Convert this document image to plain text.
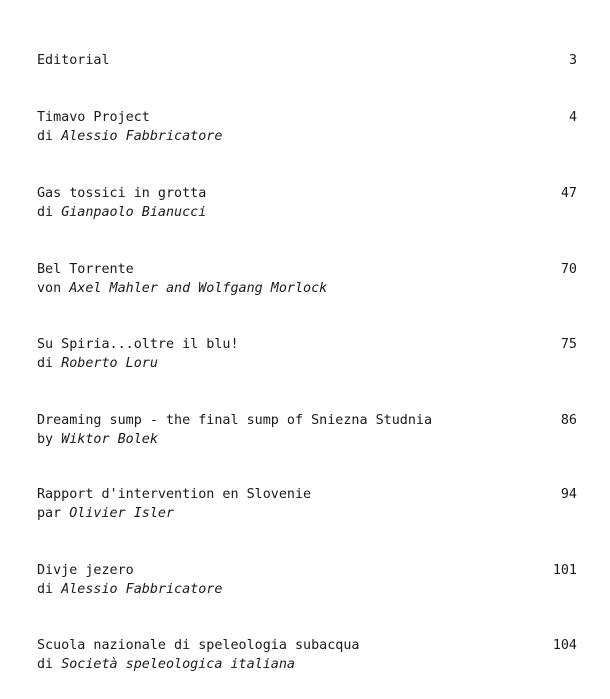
Editorial	3
Timavo Project
di Alessio Fabbricatore
4
Gas tossici in grotta
di Gianpaolo Bianucci
47
Bel Torrente
von Axel Mahler and Wolfgang Morlock
70
Su Spiria...oltre il blu!
di Roberto Loru
75
Dreaming sump - the final sump of Sniezna Studnia
by Wiktor Bolek
86
Rapport d'intervention en Slovenie
par Olivier Isler
94
Divje jezero
di Alessio Fabbricatore
101
Scuola nazionale di speleologia subacqua
di Società speleologica italiana
104
